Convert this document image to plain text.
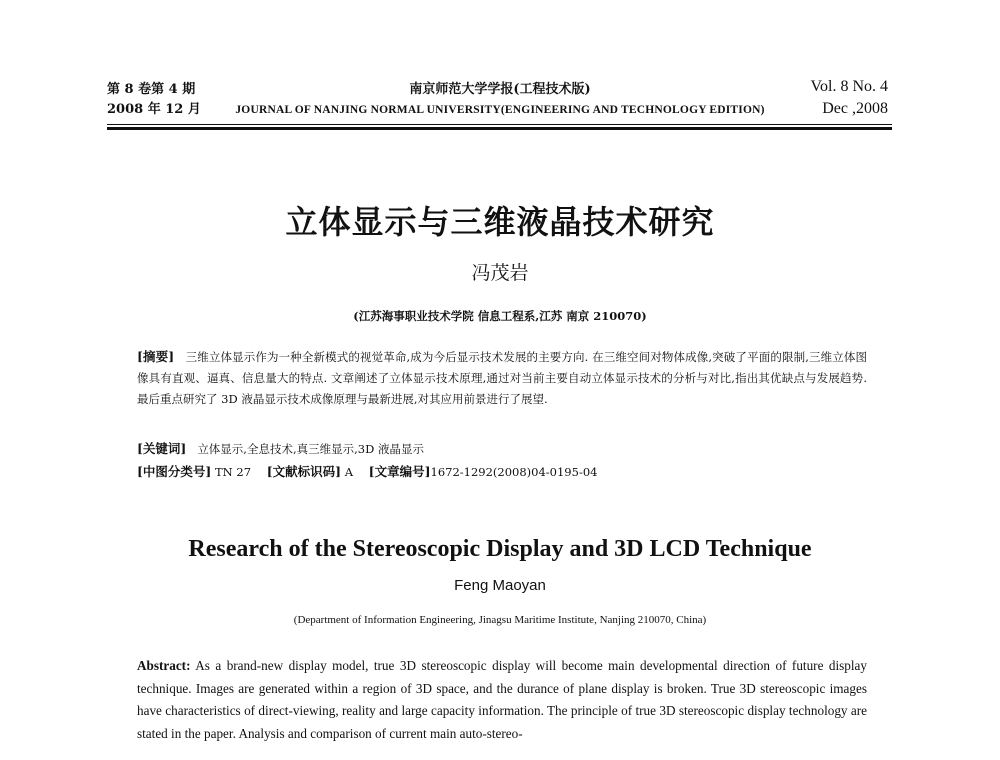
第 8 卷第 4 期
2008 年 12 月
南京师范大学学报(工程技术版)
JOURNAL OF NANJING NORMAL UNIVERSITY(ENGINEERING AND TECHNOLOGY EDITION)
Vol. 8 No. 4
Dec ,2008
立体显示与三维液晶技术研究
冯茂岩
(江苏海事职业技术学院 信息工程系,江苏 南京 210070)
[摘要] 三维立体显示作为一种全新模式的视觉革命,成为今后显示技术发展的主要方向. 在三维空间对物体成像,突破了平面的限制,三维立体图像具有直观、逼真、信息量大的特点. 文章阐述了立体显示技术原理,通过对当前主要自动立体显示技术的分析与对比,指出其优缺点与发展趋势. 最后重点研究了 3D 液晶显示技术成像原理与最新进展,对其应用前景进行了展望.
[关键词] 立体显示,全息技术,真三维显示,3D 液晶显示
[中图分类号] TN 27 [文献标识码] A [文章编号]1672-1292(2008)04-0195-04
Research of the Stereoscopic Display and 3D LCD Technique
Feng Maoyan
(Department of Information Engineering, Jinagsu Maritime Institute, Nanjing 210070, China)
Abstract: As a brand-new display model, true 3D stereoscopic display will become main developmental direction of future display technique. Images are generated within a region of 3D space, and the durance of plane display is broken. True 3D stereoscopic images have characteristics of direct-viewing, reality and large capacity information. The principle of true 3D stereoscopic display technology are stated in the paper. Analysis and comparison of current main auto-stereo-
